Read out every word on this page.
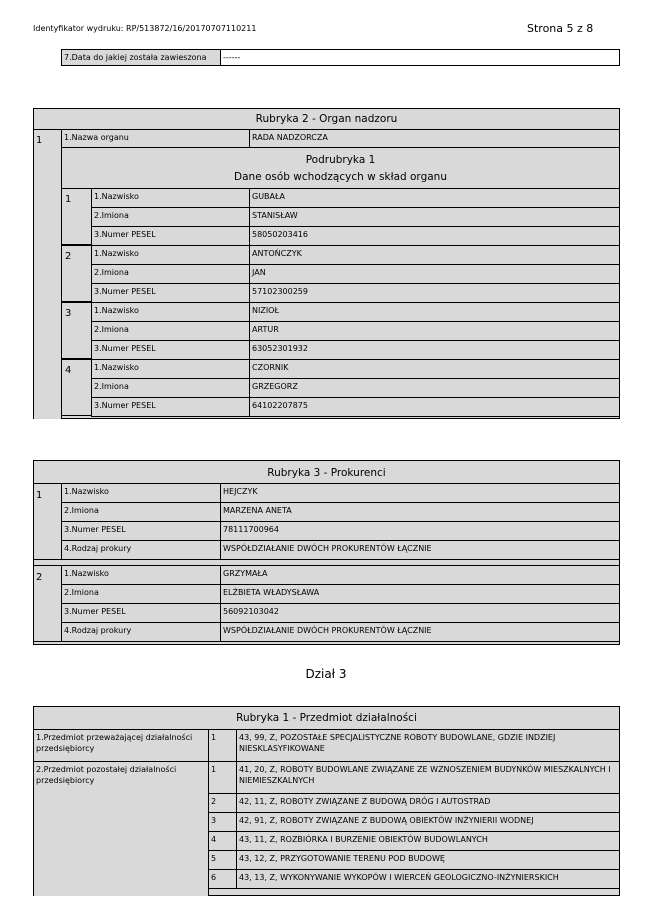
Identyfikator wydruku: RP/513872/16/20170707110211	Strona 5 z 8
7.Data do jakiej została zawieszona	------
Rubryka 2 - Organ nadzoru
1	1.Nazwa organu	RADA NADZORCZA
Podrubryka 1
Dane osób wchodzących w skład organu
1	1.Nazwisko	GUBAŁA
2.Imiona	STANISŁAW
3.Numer PESEL	58050203416
2	1.Nazwisko	ANTOŃCZYK
2.Imiona	JAN
3.Numer PESEL	57102300259
3	1.Nazwisko	NIZIOŁ
2.Imiona	ARTUR
3.Numer PESEL	63052301932
4	1.Nazwisko	CZORNIK
2.Imiona	GRZEGORZ
3.Numer PESEL	64102207875
Rubryka 3 - Prokurenci
1	1.Nazwisko	HEJCZYK
2.Imiona	MARZENA ANETA
3.Numer PESEL	78111700964
4.Rodzaj prokury	WSPÓŁDZIAŁANIE DWÓCH PROKURENTÓW ŁĄCZNIE
2	1.Nazwisko	GRZYMAŁA
2.Imiona	ELŻBIETA WŁADYSŁAWA
3.Numer PESEL	56092103042
4.Rodzaj prokury	WSPÓŁDZIAŁANIE DWÓCH PROKURENTÓW ŁĄCZNIE
Dział 3
Rubryka 1 - Przedmiot działalności
1.Przedmiot przeważającej działalności przedsiębiorcy
1	43, 99, Z, POZOSTAŁE SPECJALISTYCZNE ROBOTY BUDOWLANE, GDZIE INDZIEJ NIESKLASYFIKOWANE
2.Przedmiot pozostałej działalności przedsiębiorcy
1	41, 20, Z, ROBOTY BUDOWLANE ZWIĄZANE ZE WZNOSZENIEM BUDYNKÓW MIESZKALNYCH I NIEMIESZKALNYCH
2	42, 11, Z, ROBOTY ZWIĄZANE Z BUDOWĄ DRÓG I AUTOSTRAD
3	42, 91, Z, ROBOTY ZWIĄZANE Z BUDOWĄ OBIEKTÓW INŻYNIERII WODNEJ
4	43, 11, Z, ROZBIÓRKA I BURZENIE OBIEKTÓW BUDOWLANYCH
5	43, 12, Z, PRZYGOTOWANIE TERENU POD BUDOWĘ
6	43, 13, Z, WYKONYWANIE WYKOPÓW I WIERCEŃ GEOLOGICZNO-INŻYNIERSKICH
